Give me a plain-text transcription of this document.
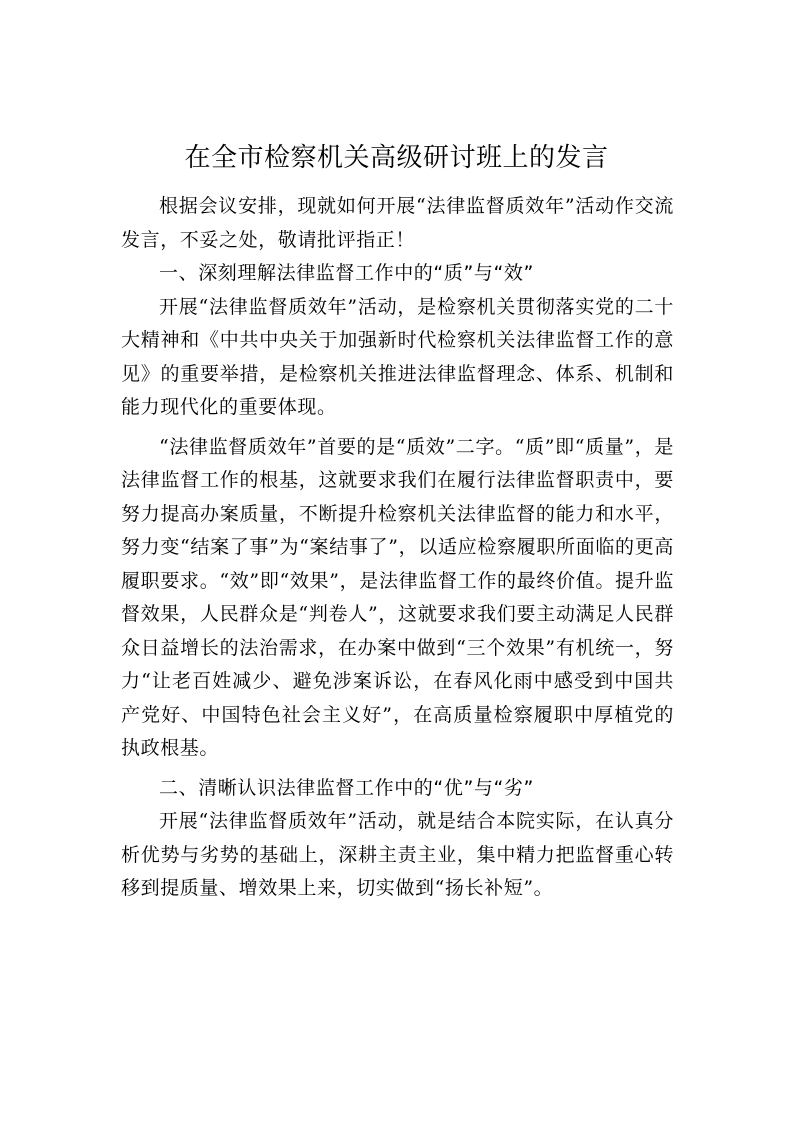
在全市检察机关高级研讨班上的发言

根据会议安排，现就如何开展“法律监督质效年”活动作交流发言，不妥之处，敬请批评指正！

一、深刻理解法律监督工作中的“质”与“效”

开展“法律监督质效年”活动，是检察机关贯彻落实党的二十大精神和《中共中央关于加强新时代检察机关法律监督工作的意见》的重要举措，是检察机关推进法律监督理念、体系、机制和能力现代化的重要体现。

“法律监督质效年”首要的是“质效”二字。“质”即“质量”，是法律监督工作的根基，这就要求我们在履行法律监督职责中，要努力提高办案质量，不断提升检察机关法律监督的能力和水平，努力变“结案了事”为“案结事了”，以适应检察履职所面临的更高履职要求。“效”即“效果”，是法律监督工作的最终价值。提升监督效果，人民群众是“判卷人”，这就要求我们要主动满足人民群众日益增长的法治需求，在办案中做到“三个效果”有机统一，努力“让老百姓减少、避免涉案诉讼，在春风化雨中感受到中国共产党好、中国特色社会主义好”，在高质量检察履职中厚植党的执政根基。

二、清晰认识法律监督工作中的“优”与“劣”

开展“法律监督质效年”活动，就是结合本院实际，在认真分析优势与劣势的基础上，深耕主责主业，集中精力把监督重心转移到提质量、增效果上来，切实做到“扬长补短”。
